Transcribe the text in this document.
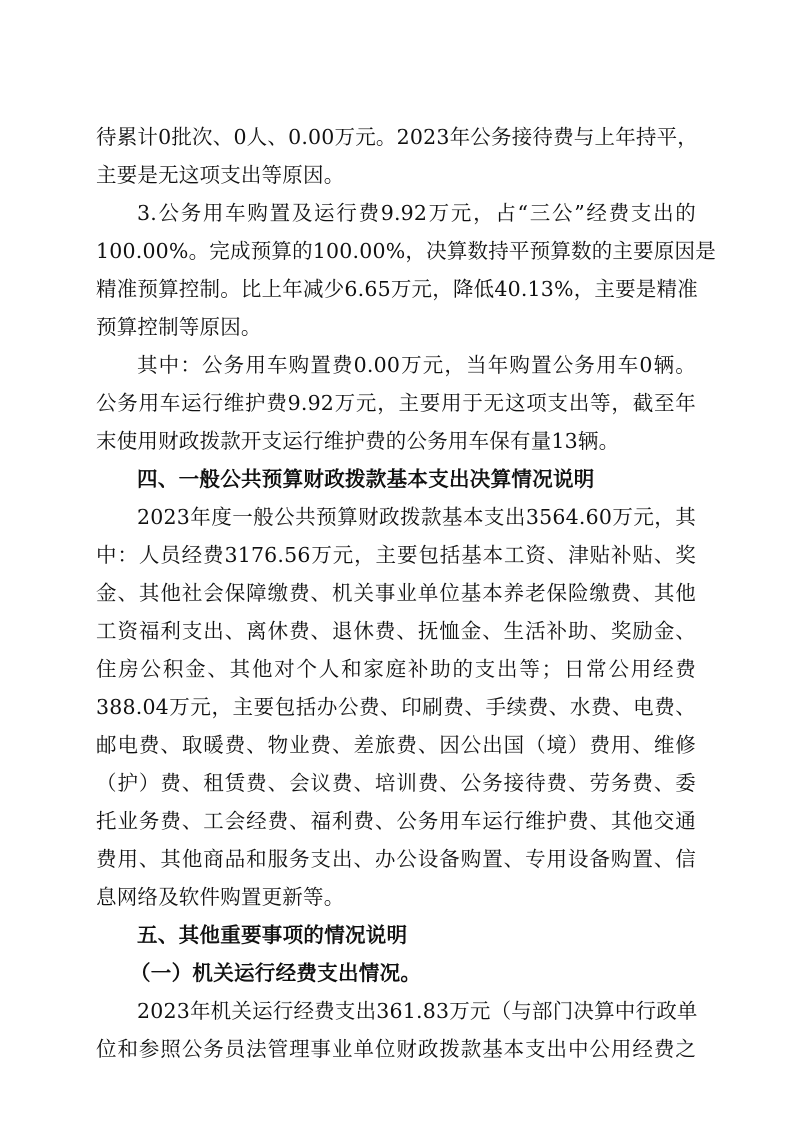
待累计0批次、0人、0.00万元。2023年公务接待费与上年持平，
主要是无这项支出等原因。
3.公务用车购置及运行费9.92万元，占“三公”经费支出的
100.00%。完成预算的100.00%，决算数持平预算数的主要原因是
精准预算控制。比上年减少6.65万元，降低40.13%，主要是精准
预算控制等原因。
其中：公务用车购置费0.00万元，当年购置公务用车0辆。
公务用车运行维护费9.92万元，主要用于无这项支出等，截至年
末使用财政拨款开支运行维护费的公务用车保有量13辆。
四、一般公共预算财政拨款基本支出决算情况说明
2023年度一般公共预算财政拨款基本支出3564.60万元，其
中：人员经费3176.56万元，主要包括基本工资、津贴补贴、奖
金、其他社会保障缴费、机关事业单位基本养老保险缴费、其他
工资福利支出、离休费、退休费、抚恤金、生活补助、奖励金、
住房公积金、其他对个人和家庭补助的支出等；日常公用经费
388.04万元，主要包括办公费、印刷费、手续费、水费、电费、
邮电费、取暖费、物业费、差旅费、因公出国（境）费用、维修
（护）费、租赁费、会议费、培训费、公务接待费、劳务费、委
托业务费、工会经费、福利费、公务用车运行维护费、其他交通
费用、其他商品和服务支出、办公设备购置、专用设备购置、信
息网络及软件购置更新等。
五、其他重要事项的情况说明
（一）机关运行经费支出情况。
2023年机关运行经费支出361.83万元（与部门决算中行政单
位和参照公务员法管理事业单位财政拨款基本支出中公用经费之
